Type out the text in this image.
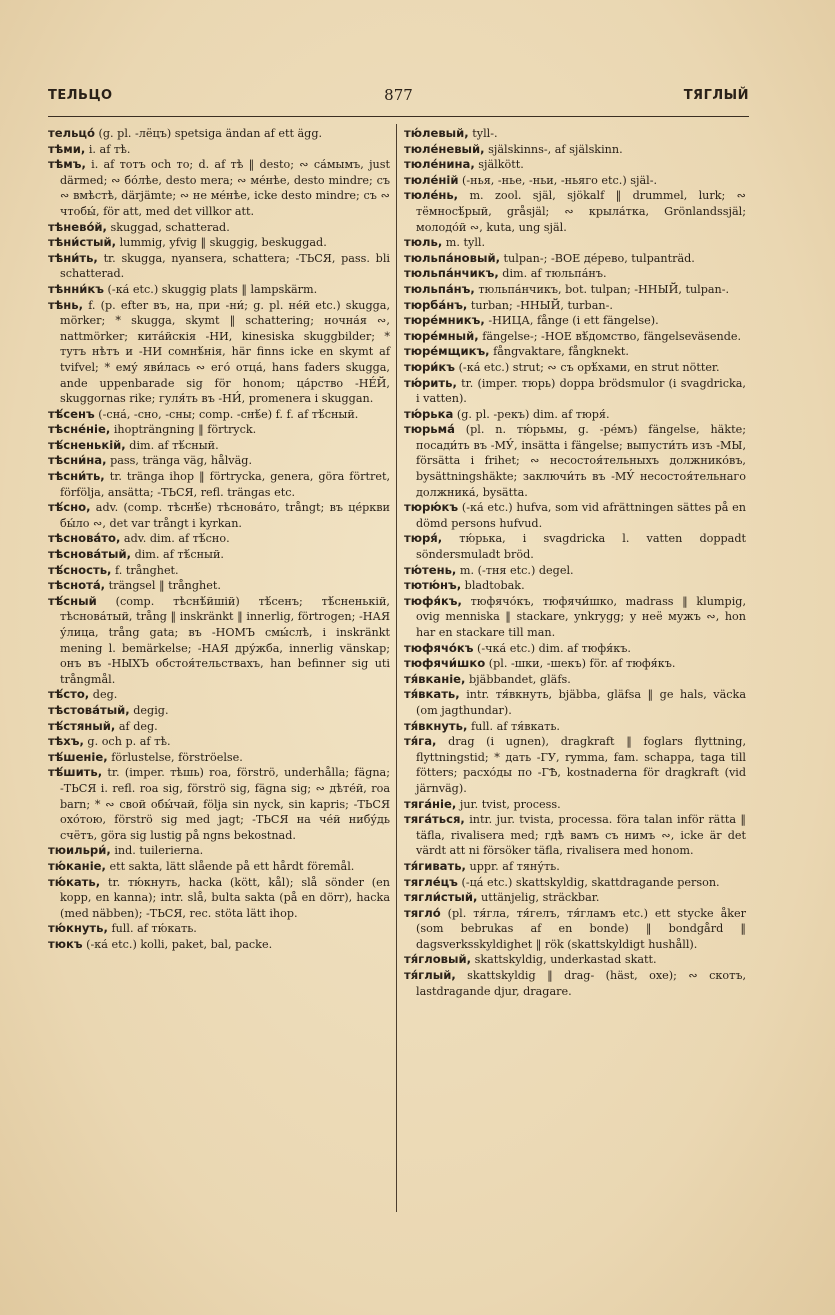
ТЕЛЬЦО	877	ТЯГЛЫЙ

тельцо́ (g. pl. -лёцъ) spetsiga ändan af ett ägg.

тѣми, i. af тѣ.

тѣмъ, i. af тотъ och то; d. af тѣ ‖ desto; ∾ са́мымъ, just därmed; ∾ бо́лѣе, desto mera; ∾ ме́нѣе, desto mindre; съ ∾ вмѣстѣ, därjämte; ∾ не ме́нѣе, icke desto mindre; съ ∾ чтобы́, för att, med det villkor att.

тѣнево́й, skuggad, schatterad.

тѣни́стый, lummig, yfvig ‖ skuggig, beskuggad.

тѣни́ть, tr. skugga, nyansera, schattera; -ТЬСЯ, pass. bli schatterad.

тѣнни́къ (-ка́ etc.) skuggig plats ‖ lampskärm.

тѣнь, f. (p. efter въ, на, при -ни́; g. pl. не́й etc.) skugga, mörker; * skugga, skymt ‖ schattering; ночна́я ∾, nattmörker; кита́йскія -НИ, kinesiska skuggbilder; * тутъ нѣтъ и -НИ сомнѣ́нія, här finns icke en skymt af tvifvel; * ему́ яви́лась ∾ его́ отца́, hans faders skugga, ande uppenbarade sig för honom; ца́рство -НЕ́Й, skuggornas rike; гуля́ть въ -НИ́, promenera i skuggan.

тѣ́сенъ (-сна́, -сно, -сны; comp. -снѣ́е) f. f. af тѣ́сный.

тѣсне́ніе, ihopträngning ‖ förtryck.

тѣ́сненькій, dim. af тѣ́сный.

тѣсни́на, pass, tränga väg, hålväg.

тѣсни́ть, tr. tränga ihop ‖ förtrycka, genera, göra förtret, förfölja, ansätta; -ТЬСЯ, refl. trängas etc.

тѣ́сно, adv. (comp. тѣснѣ́е) тѣснова́то, trångt; въ це́ркви бы́ло ∾, det var trångt i kyrkan.

тѣснова́то, adv. dim. af тѣ́сно.

тѣснова́тый, dim. af тѣ́сный.

тѣ́сность, f. trånghet.

тѣснота́, trängsel ‖ trånghet.

тѣ́сный (comp. тѣснѣ́йшій) тѣ́сенъ; тѣ́сненькій, тѣснова́тый, trång ‖ inskränkt ‖ innerlig, förtrogen; -НАЯ у́лица, trång gata; въ -НОМЪ смы́слѣ, i inskränkt mening l. bemärkelse; -НАЯ дру́жба, innerlig vänskap; онъ въ -НЫХЪ обстоя́тельствахъ, han befinner sig uti trångmål.

тѣ́сто, deg.

тѣстова́тый, degig.

тѣ́стяный, af deg.

тѣхъ, g. och p. af тѣ.

тѣ́шеніе, förlustelse, förströelse.

тѣ́шить, tr. (imper. тѣшь) roa, förströ, underhålla; fägna; -ТЬСЯ i. refl. roa sig, förströ sig, fägna sig; ∾ дѣте́й, roa barn; * ∾ свой обы́чай, följa sin nyck, sin kapris; -ТЬСЯ охо́тою, förströ sig med jagt; -ТЬСЯ на че́й нибу́дь счётъ, göra sig lustig på ngns bekostnad.

тюильри́, ind. tuilerierna.

тю́каніе, ett sakta, lätt slående på ett hårdt föremål.

тю́кать, tr. тю́кнуть, hacka (kött, kål); slå sönder (en kopp, en kanna); intr. slå, bulta sakta (på en dörr), hacka (med näbben); -ТЬСЯ, rec. stöta lätt ihop.

тю́кнуть, full. af тю́кать.

тюкъ (-ка́ etc.) kolli, paket, bal, packe.

тю́левый, tyll-.

тюле́невый, själskinns-, af själskinn.

тюле́нина, själkött.

тюле́ній (-нья, -нье, -ньи, -ньяго etc.) själ-.

тюле́нь, m. zool. själ, sjökalf ‖ drummel, lurk; ∾ тёмносѣ́рый, gråsjäl; ∾ крыла́тка, Grönlandssjäl; молодо́й ∾, kuta, ung själ.

тюль, m. tyll.

тюльпа́новый, tulpan-; -ВОЕ де́рево, tulpanträd.

тюльпа́нчикъ, dim. af тюльпа́нъ.

тюльпа́нъ, тюльпа́нчикъ, bot. tulpan; -ННЫЙ, tulpan-.

тюрба́нъ, turban; -ННЫЙ, turban-.

тюре́мникъ, -НИЦА, fånge (i ett fängelse).

тюре́мный, fängelse-; -НОЕ вѣ́домство, fängelseväsende.

тюре́мщикъ, fångvaktare, fångknekt.

тюри́къ (-ка́ etc.) strut; ∾ съ орѣ́хами, en strut nötter.

тю́рить, tr. (imper. тюрь) doppa brödsmulor (i svagdricka, i vatten).

тю́рька (g. pl. -рекъ) dim. af тюря́.

тюрьма́ (pl. n. тю́рьмы, g. -ре́мъ) fängelse, häkte; посади́ть въ -МУ́, insätta i fängelse; выпусти́ть изъ -МЫ, försätta i frihet; ∾ несостоя́тельныхъ должнико́въ, bysättningshäkte; заключи́ть въ -МУ́ несостоя́тельнаго должника́, bysätta.

тюрю́къ (-ка́ etc.) hufva, som vid afrättningen sättes på en dömd persons hufvud.

тюря́, тю́рька, i svagdricka l. vatten doppadt söndersmuladt bröd.

тю́тень, m. (-тня etc.) degel.

тютю́нъ, bladtobak.

тюфя́къ, тюфячо́къ, тюфячи́шко, madrass ‖ klumpig, ovig menniska ‖ stackare, ynkrygg; у неё мужъ ∾, hon har en stackare till man.

тюфячо́къ (-чка́ etc.) dim. af тюфя́къ.

тюфячи́шко (pl. -шки, -шекъ) för. af тюфя́къ.

тя́вканіе, bjäbbandet, gläfs.

тя́вкать, intr. тя́вкнуть, bjäbba, gläfsa ‖ ge hals, väcka (om jagthundar).

тя́вкнуть, full. af тя́вкать.

тя́га, drag (i ugnen), dragkraft ‖ foglars flyttning, flyttningstid; * дать -ГУ, rymma, fam. schappa, taga till fötters; расхо́ды по -ГѢ, kostnaderna för dragkraft (vid järnväg).

тяга́ніе, jur. tvist, process.

тяга́ться, intr. jur. tvista, processa. föra talan inför rätta ‖ täfla, rivalisera med; гдѣ вамъ съ нимъ ∾, icke är det värdt att ni försöker täfla, rivalisera med honom.

тя́гивать, uppr. af тяну́ть.

тягле́цъ (-цá etc.) skattskyldig, skattdragande person.

тягли́стый, uttänjelig, sträckbar.

тягло́ (pl. тя́гла, тя́гелъ, тя́гламъ etc.) ett stycke åker (som bebrukas af en bonde) ‖ bondgård ‖ dagsverksskyldighet ‖ rök (skattskyldigt hushåll).

тя́гловый, skattskyldig, underkastad skatt.

тя́глый, skattskyldig ‖ drag- (häst, oxe); ∾ скотъ, lastdragande djur, dragare.
